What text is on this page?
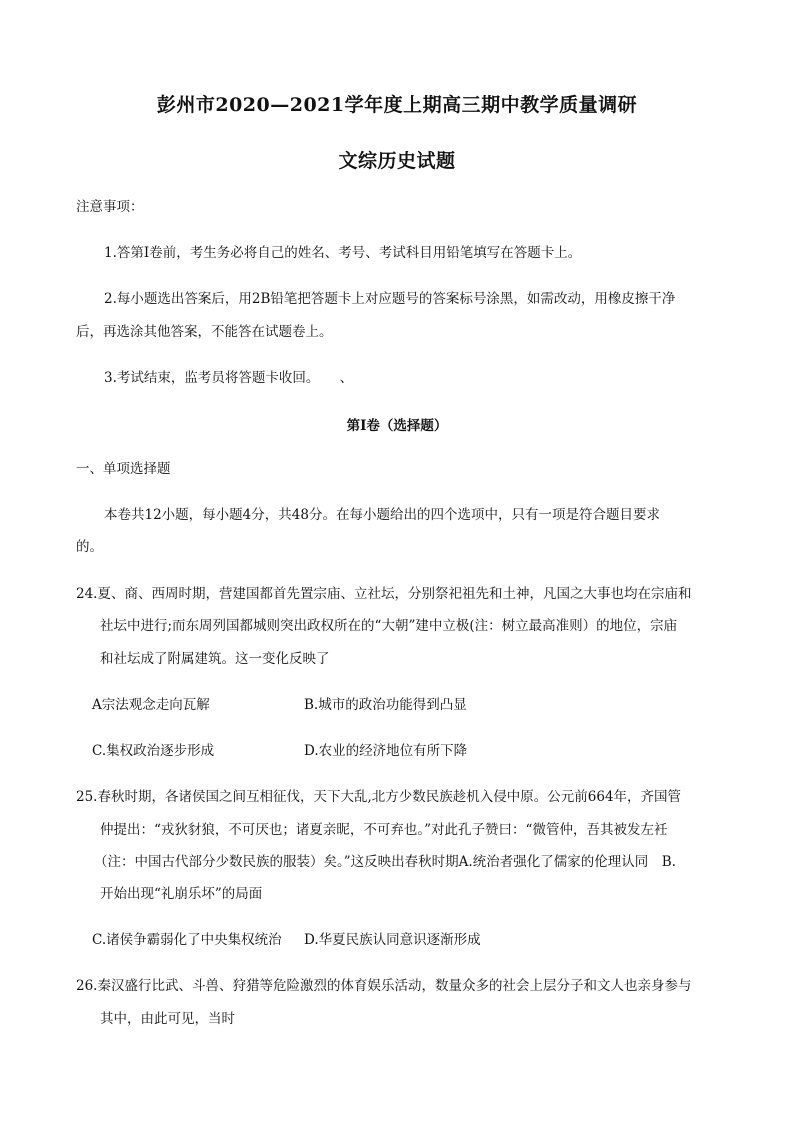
彭州市2020—2021学年度上期高三期中教学质量调研
文综历史试题
注意事项：
1.答第Ⅰ卷前，考生务必将自己的姓名、考号、考试科目用铅笔填写在答题卡上。
2.每小题选出答案后，用2B铅笔把答题卡上对应题号的答案标号涂黑，如需改动，用橡皮擦干净
后，再选涂其他答案，不能答在试题卷上。
3.考试结束，监考员将答题卡收回。　　、
第Ⅰ卷（选择题）
一、单项选择题
本卷共12小题，每小题4分，共48分。在每小题给出的四个选项中，只有一项是符合题目要求
的。
24.夏、商、西周时期，营建国都首先置宗庙、立社坛，分别祭祀祖先和土神，凡国之大事也均在宗庙和
社坛中进行;而东周列国都城则突出政权所在的“大朝”建中立极(注：树立最高准则）的地位，宗庙
和社坛成了附属建筑。这一变化反映了
A宗法观念走向瓦解	B.城市的政治功能得到凸显
C.集权政治逐步形成	D.农业的经济地位有所下降
25.春秋时期，各诸侯国之间互相征伐，天下大乱,北方少数民族趁机入侵中原。公元前664年，齐国管
仲提出：“戎狄豺狼，不可厌也；诸夏亲昵，不可弃也。”对此孔子赞曰：“微管仲，吾其被发左衽
（注：中国古代部分少数民族的服装）矣。”这反映出春秋时期A.统治者强化了儒家的伦理认同　B.
开始出现“礼崩乐坏”的局面
C.诸侯争霸弱化了中央集权统治 D.华夏民族认同意识逐渐形成
26.秦汉盛行比武、斗兽、狩猎等危险激烈的体育娱乐活动，数量众多的社会上层分子和文人也亲身参与
其中，由此可见，当时
